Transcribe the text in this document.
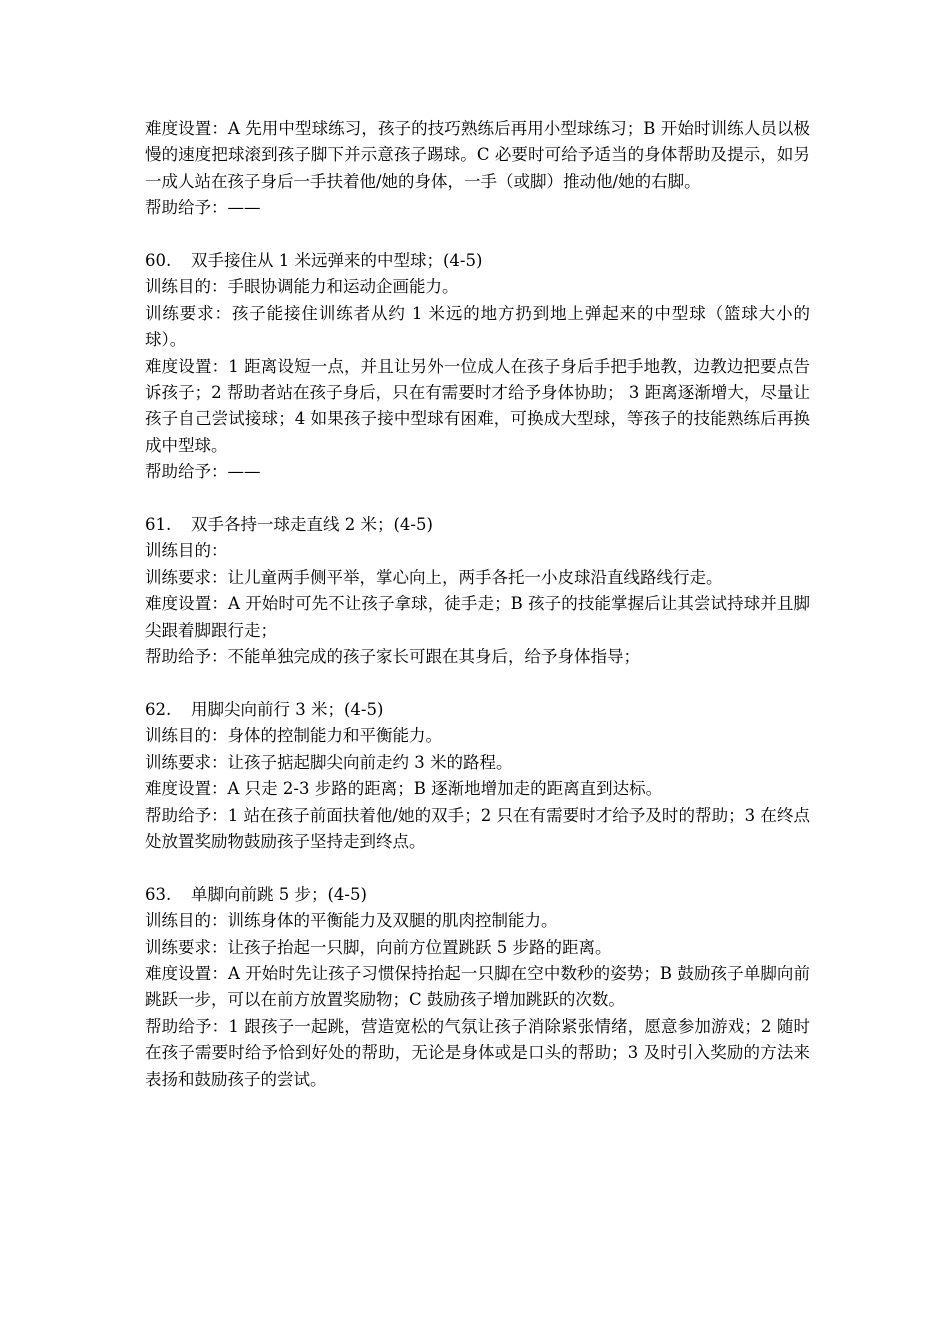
难度设置：A 先用中型球练习，孩子的技巧熟练后再用小型球练习；B 开始时训练人员以极慢的速度把球滚到孩子脚下并示意孩子踢球。C 必要时可给予适当的身体帮助及提示，如另一成人站在孩子身后一手扶着他/她的身体，一手（或脚）推动他/她的右脚。

帮助给予：——

60. 双手接住从 1 米远弹来的中型球；(4-5)

训练目的：手眼协调能力和运动企画能力。

训练要求：孩子能接住训练者从约 1 米远的地方扔到地上弹起来的中型球（篮球大小的球）。

难度设置：1 距离设短一点，并且让另外一位成人在孩子身后手把手地教，边教边把要点告诉孩子；2 帮助者站在孩子身后，只在有需要时才给予身体协助； 3 距离逐渐增大，尽量让孩子自己尝试接球；4 如果孩子接中型球有困难，可换成大型球，等孩子的技能熟练后再换成中型球。

帮助给予：——

61. 双手各持一球走直线 2 米；(4-5)

训练目的：

训练要求：让儿童两手侧平举，掌心向上，两手各托一小皮球沿直线路线行走。

难度设置：A 开始时可先不让孩子拿球，徒手走；B 孩子的技能掌握后让其尝试持球并且脚尖跟着脚跟行走；

帮助给予：不能单独完成的孩子家长可跟在其身后，给予身体指导；

62. 用脚尖向前行 3 米；(4-5)

训练目的：身体的控制能力和平衡能力。

训练要求：让孩子掂起脚尖向前走约 3 米的路程。

难度设置：A 只走 2-3 步路的距离；B 逐渐地增加走的距离直到达标。

帮助给予：1 站在孩子前面扶着他/她的双手；2 只在有需要时才给予及时的帮助；3 在终点处放置奖励物鼓励孩子坚持走到终点。

63. 单脚向前跳 5 步；(4-5)

训练目的：训练身体的平衡能力及双腿的肌肉控制能力。

训练要求：让孩子抬起一只脚，向前方位置跳跃 5 步路的距离。

难度设置：A 开始时先让孩子习惯保持抬起一只脚在空中数秒的姿势；B 鼓励孩子单脚向前跳跃一步，可以在前方放置奖励物；C 鼓励孩子增加跳跃的次数。

帮助给予：1 跟孩子一起跳，营造宽松的气氛让孩子消除紧张情绪，愿意参加游戏；2 随时在孩子需要时给予恰到好处的帮助，无论是身体或是口头的帮助；3 及时引入奖励的方法来表扬和鼓励孩子的尝试。
